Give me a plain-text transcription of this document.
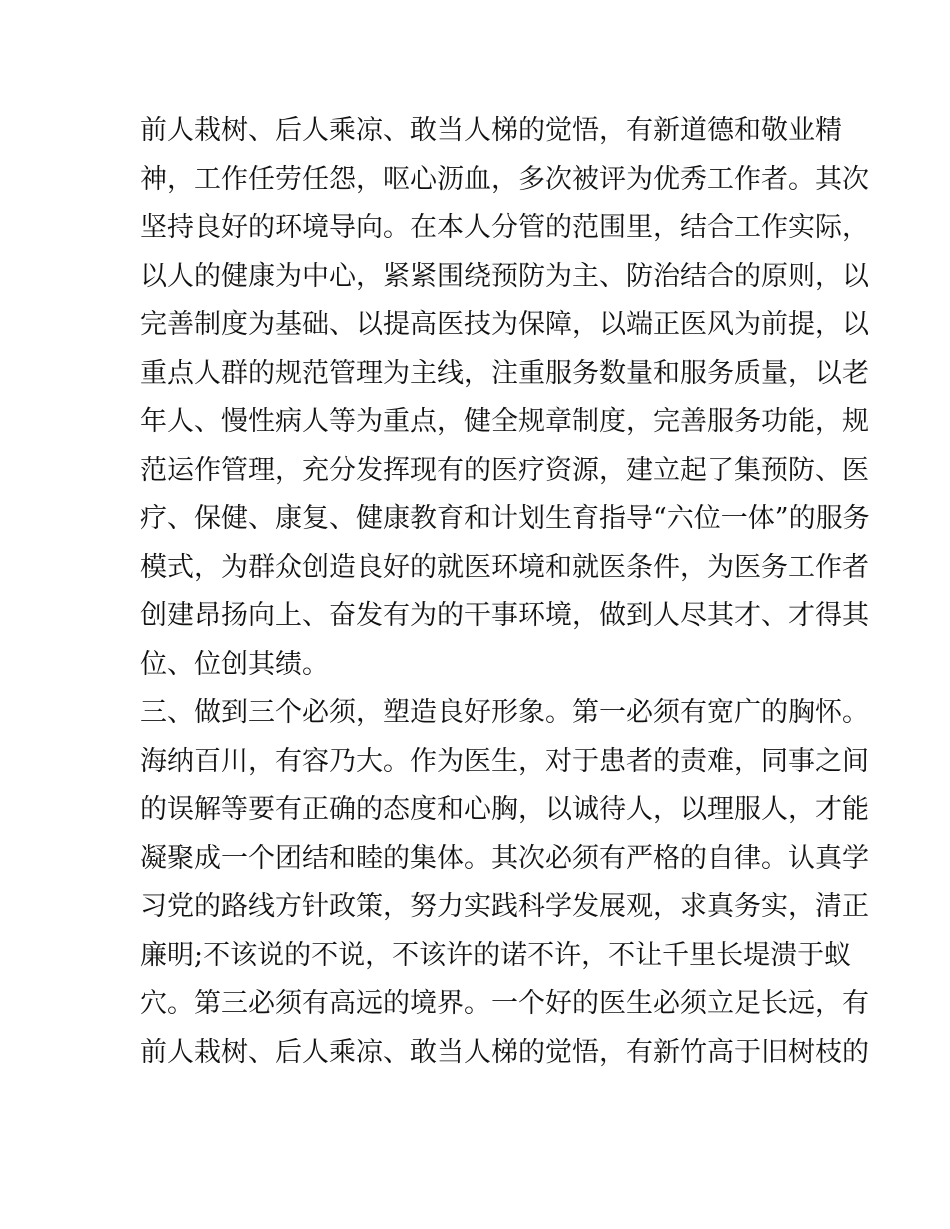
前人栽树、后人乘凉、敢当人梯的觉悟，有新道德和敬业精
神，工作任劳任怨，呕心沥血，多次被评为优秀工作者。其次
坚持良好的环境导向。在本人分管的范围里，结合工作实际，
以人的健康为中心，紧紧围绕预防为主、防治结合的原则，以
完善制度为基础、以提高医技为保障，以端正医风为前提，以
重点人群的规范管理为主线，注重服务数量和服务质量，以老
年人、慢性病人等为重点，健全规章制度，完善服务功能，规
范运作管理，充分发挥现有的医疗资源，建立起了集预防、医
疗、保健、康复、健康教育和计划生育指导“六位一体”的服务
模式，为群众创造良好的就医环境和就医条件，为医务工作者
创建昂扬向上、奋发有为的干事环境，做到人尽其才、才得其
位、位创其绩。
三、做到三个必须，塑造良好形象。第一必须有宽广的胸怀。
海纳百川，有容乃大。作为医生，对于患者的责难，同事之间
的误解等要有正确的态度和心胸，以诚待人，以理服人，才能
凝聚成一个团结和睦的集体。其次必须有严格的自律。认真学
习党的路线方针政策，努力实践科学发展观，求真务实，清正
廉明;不该说的不说，不该许的诺不许，不让千里长堤溃于蚁
穴。第三必须有高远的境界。一个好的医生必须立足长远，有
前人栽树、后人乘凉、敢当人梯的觉悟，有新竹高于旧树枝的
